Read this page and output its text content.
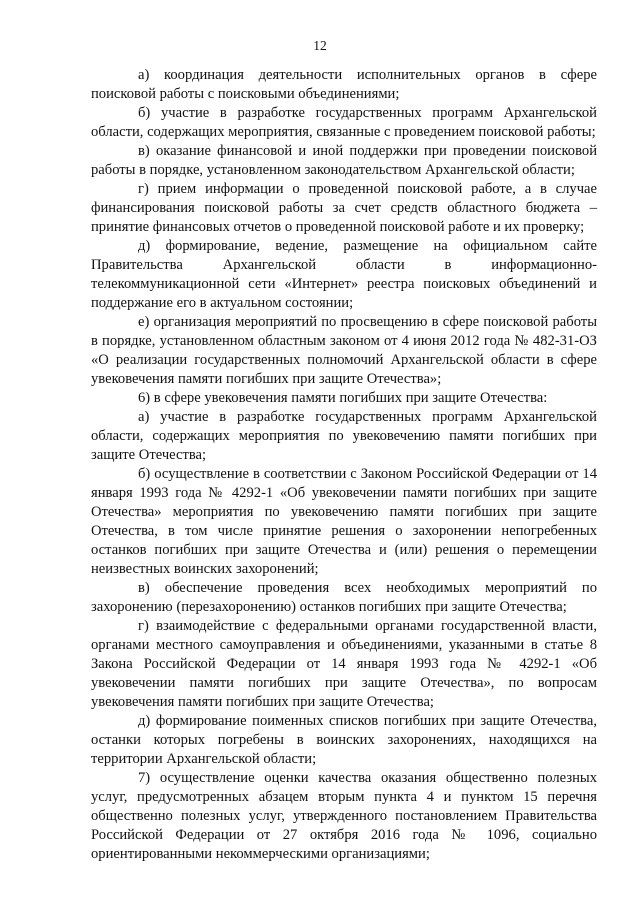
12

а) координация деятельности исполнительных органов в сфере поисковой работы с поисковыми объединениями;

б) участие в разработке государственных программ Архангельской области, содержащих мероприятия, связанные с проведением поисковой работы;

в) оказание финансовой и иной поддержки при проведении поисковой работы в порядке, установленном законодательством Архангельской области;

г) прием информации о проведенной поисковой работе, а в случае финансирования поисковой работы за счет средств областного бюджета – принятие финансовых отчетов о проведенной поисковой работе и их проверку;

д) формирование, ведение, размещение на официальном сайте Правительства Архангельской области в информационно-телекоммуникационной сети «Интернет» реестра поисковых объединений и поддержание его в актуальном состоянии;

е) организация мероприятий по просвещению в сфере поисковой работы в порядке, установленном областным законом от 4 июня 2012 года № 482-31-ОЗ «О реализации государственных полномочий Архангельской области в сфере увековечения памяти погибших при защите Отечества»;

6) в сфере увековечения памяти погибших при защите Отечества:

а) участие в разработке государственных программ Архангельской области, содержащих мероприятия по увековечению памяти погибших при защите Отечества;

б) осуществление в соответствии с Законом Российской Федерации от 14 января 1993 года № 4292-1 «Об увековечении памяти погибших при защите Отечества» мероприятия по увековечению памяти погибших при защите Отечества, в том числе принятие решения о захоронении непогребенных останков погибших при защите Отечества и (или) решения о перемещении неизвестных воинских захоронений;

в) обеспечение проведения всех необходимых мероприятий по захоронению (перезахоронению) останков погибших при защите Отечества;

г) взаимодействие с федеральными органами государственной власти, органами местного самоуправления и объединениями, указанными в статье 8 Закона Российской Федерации от 14 января 1993 года № 4292-1 «Об увековечении памяти погибших при защите Отечества», по вопросам увековечения памяти погибших при защите Отечества;

д) формирование поименных списков погибших при защите Отечества, останки которых погребены в воинских захоронениях, находящихся на территории Архангельской области;

7) осуществление оценки качества оказания общественно полезных услуг, предусмотренных абзацем вторым пункта 4 и пунктом 15 перечня общественно полезных услуг, утвержденного постановлением Правительства Российской Федерации от 27 октября 2016 года № 1096, социально ориентированными некоммерческими организациями;
